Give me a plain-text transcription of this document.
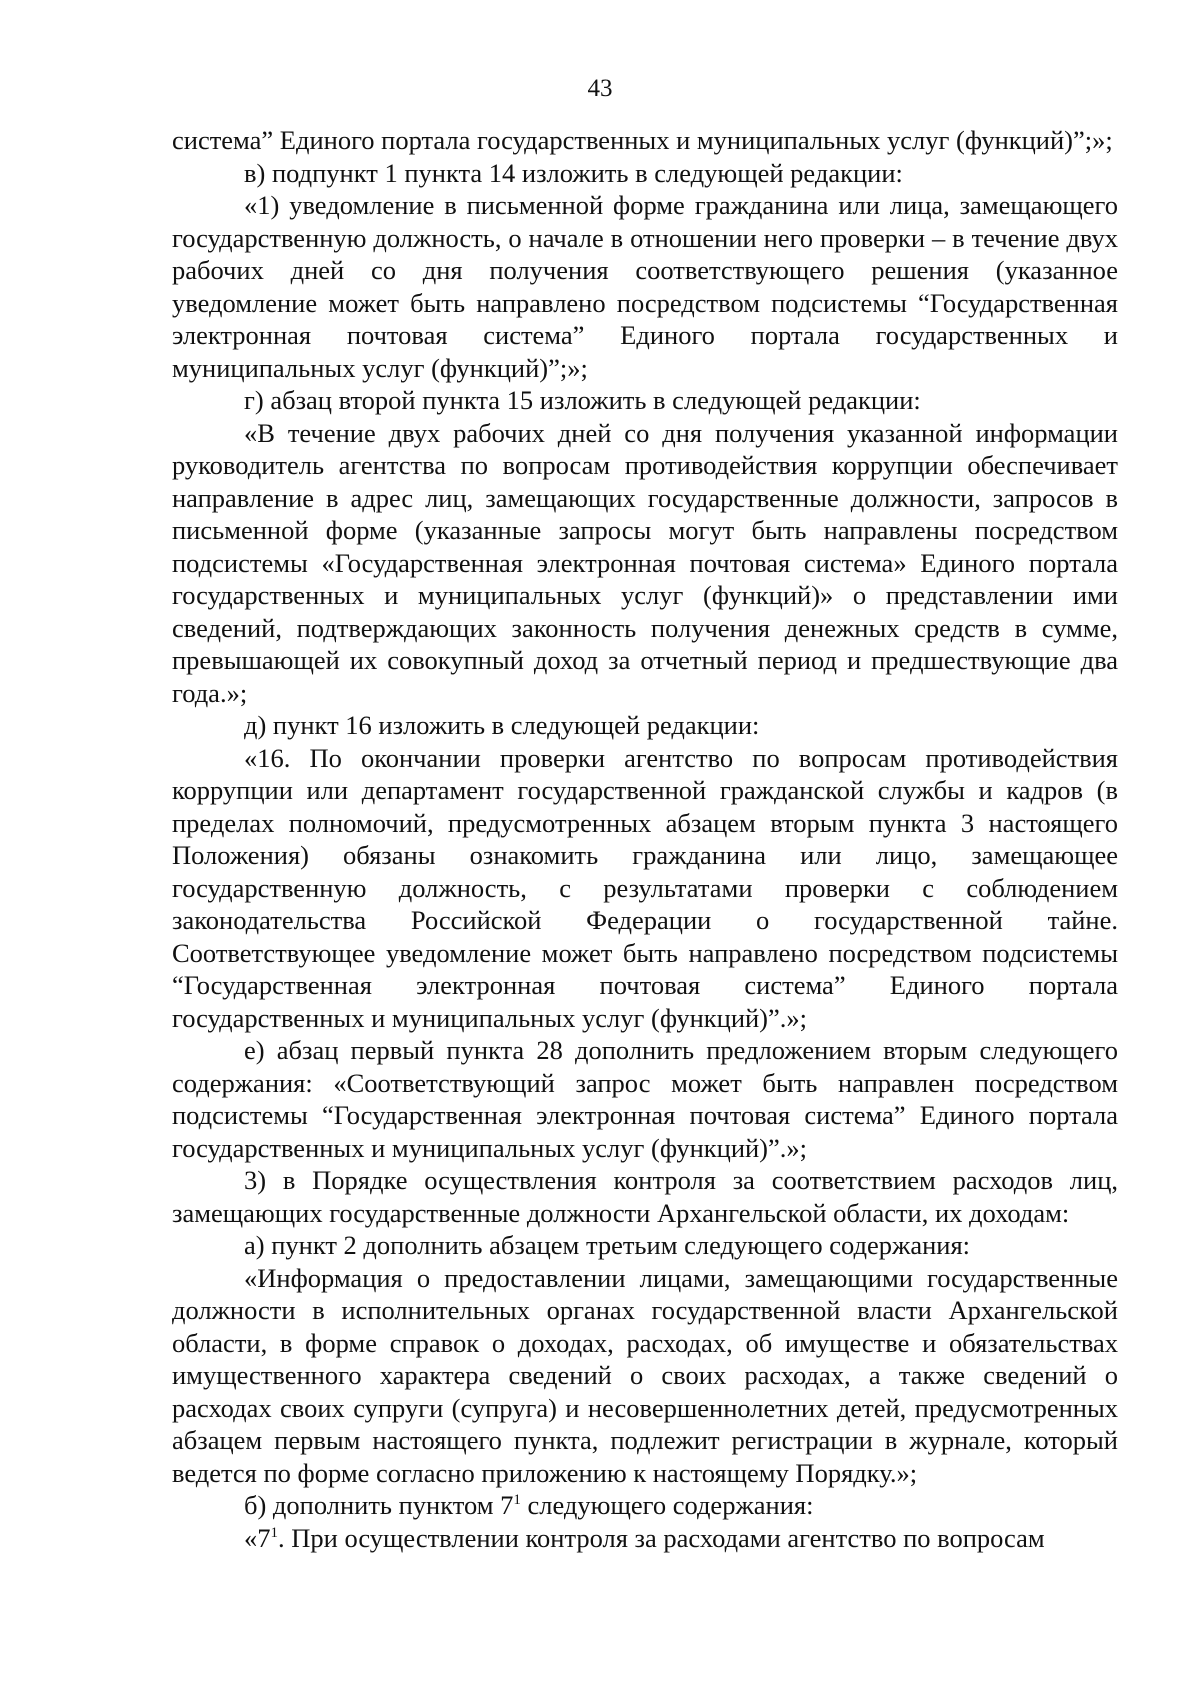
43

система” Единого портала государственных и муниципальных услуг (функций)”;»;

в) подпункт 1 пункта 14 изложить в следующей редакции:

«1) уведомление в письменной форме гражданина или лица, замещающего государственную должность, о начале в отношении него проверки – в течение двух рабочих дней со дня получения соответствующего решения (указанное уведомление может быть направлено посредством подсистемы “Государственная электронная почтовая система” Единого портала государственных и муниципальных услуг (функций)”;»;

г) абзац второй пункта 15 изложить в следующей редакции:

«В течение двух рабочих дней со дня получения указанной информации руководитель агентства по вопросам противодействия коррупции обеспечивает направление в адрес лиц, замещающих государственные должности, запросов в письменной форме (указанные запросы могут быть направлены посредством подсистемы «Государственная электронная почтовая система» Единого портала государственных и муниципальных услуг (функций)» о представлении ими сведений, подтверждающих законность получения денежных средств в сумме, превышающей их совокупный доход за отчетный период и предшествующие два года.»;

д) пункт 16 изложить в следующей редакции:

«16. По окончании проверки агентство по вопросам противодействия коррупции или департамент государственной гражданской службы и кадров (в пределах полномочий, предусмотренных абзацем вторым пункта 3 настоящего Положения) обязаны ознакомить гражданина или лицо, замещающее государственную должность, с результатами проверки с соблюдением законодательства Российской Федерации о государственной тайне. Соответствующее уведомление может быть направлено посредством подсистемы “Государственная электронная почтовая система” Единого портала государственных и муниципальных услуг (функций)”.»;

е) абзац первый пункта 28 дополнить предложением вторым следующего содержания: «Соответствующий запрос может быть направлен посредством подсистемы “Государственная электронная почтовая система” Единого портала государственных и муниципальных услуг (функций)”.»;

3) в Порядке осуществления контроля за соответствием расходов лиц, замещающих государственные должности Архангельской области, их доходам:

а) пункт 2 дополнить абзацем третьим следующего содержания:

«Информация о предоставлении лицами, замещающими государственные должности в исполнительных органах государственной власти Архангельской области, в форме справок о доходах, расходах, об имуществе и обязательствах имущественного характера сведений о своих расходах, а также сведений о расходах своих супруги (супруга) и несовершеннолетних детей, предусмотренных абзацем первым настоящего пункта, подлежит регистрации в журнале, который ведется по форме согласно приложению к настоящему Порядку.»;

б) дополнить пунктом $7^1$ следующего содержания:

«$7^1$. При осуществлении контроля за расходами агентство по вопросам
